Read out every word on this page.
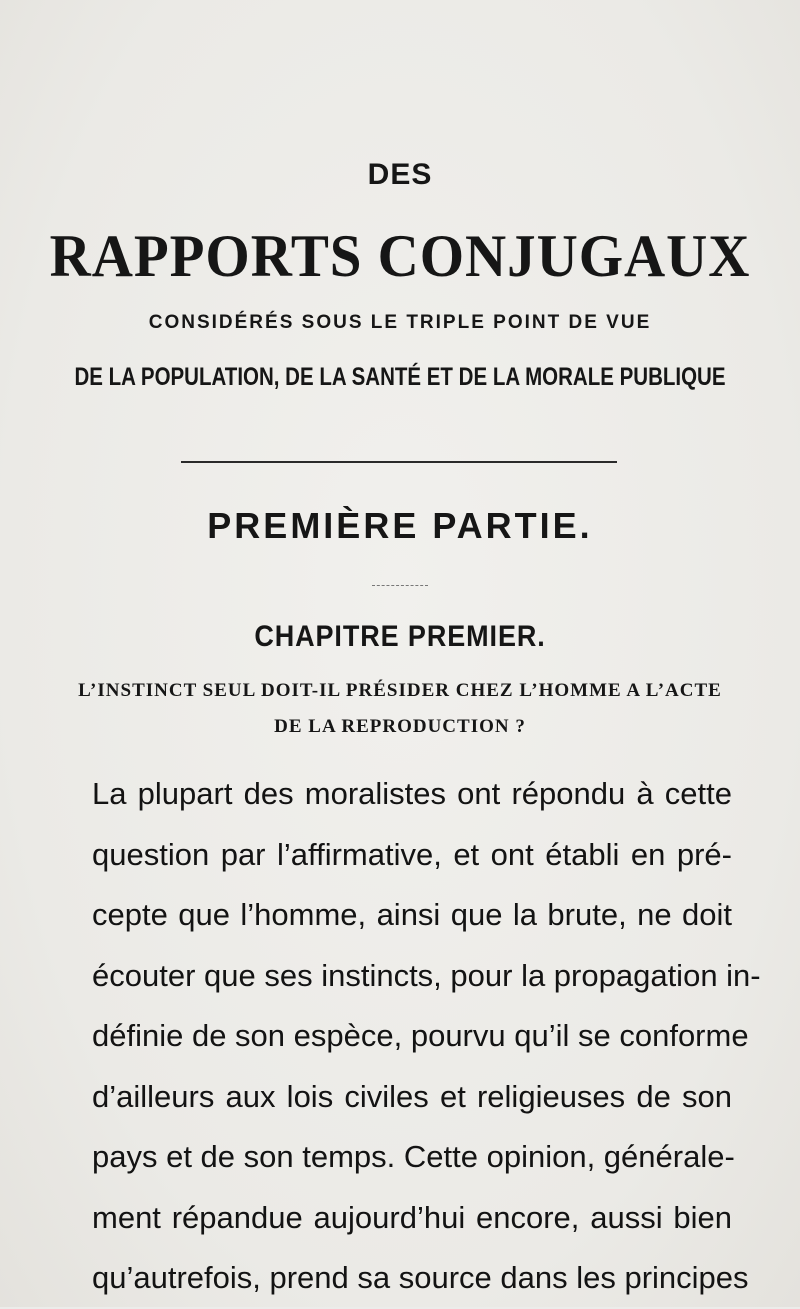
DES
RAPPORTS CONJUGAUX
CONSIDÉRÉS SOUS LE TRIPLE POINT DE VUE
DE LA POPULATION, DE LA SANTÉ ET DE LA MORALE PUBLIQUE
PREMIÈRE PARTIE.
CHAPITRE PREMIER.
L’INSTINCT SEUL DOIT-IL PRÉSIDER CHEZ L’HOMME A L’ACTE
DE LA REPRODUCTION ?
La plupart des moralistes ont répondu à cette
question par l’affirmative, et ont établi en pré-
cepte que l’homme, ainsi que la brute, ne doit
écouter que ses instincts, pour la propagation in-
définie de son espèce, pourvu qu’il se conforme
d’ailleurs aux lois civiles et religieuses de son
pays et de son temps. Cette opinion, générale-
ment répandue aujourd’hui encore, aussi bien
qu’autrefois, prend sa source dans les principes
